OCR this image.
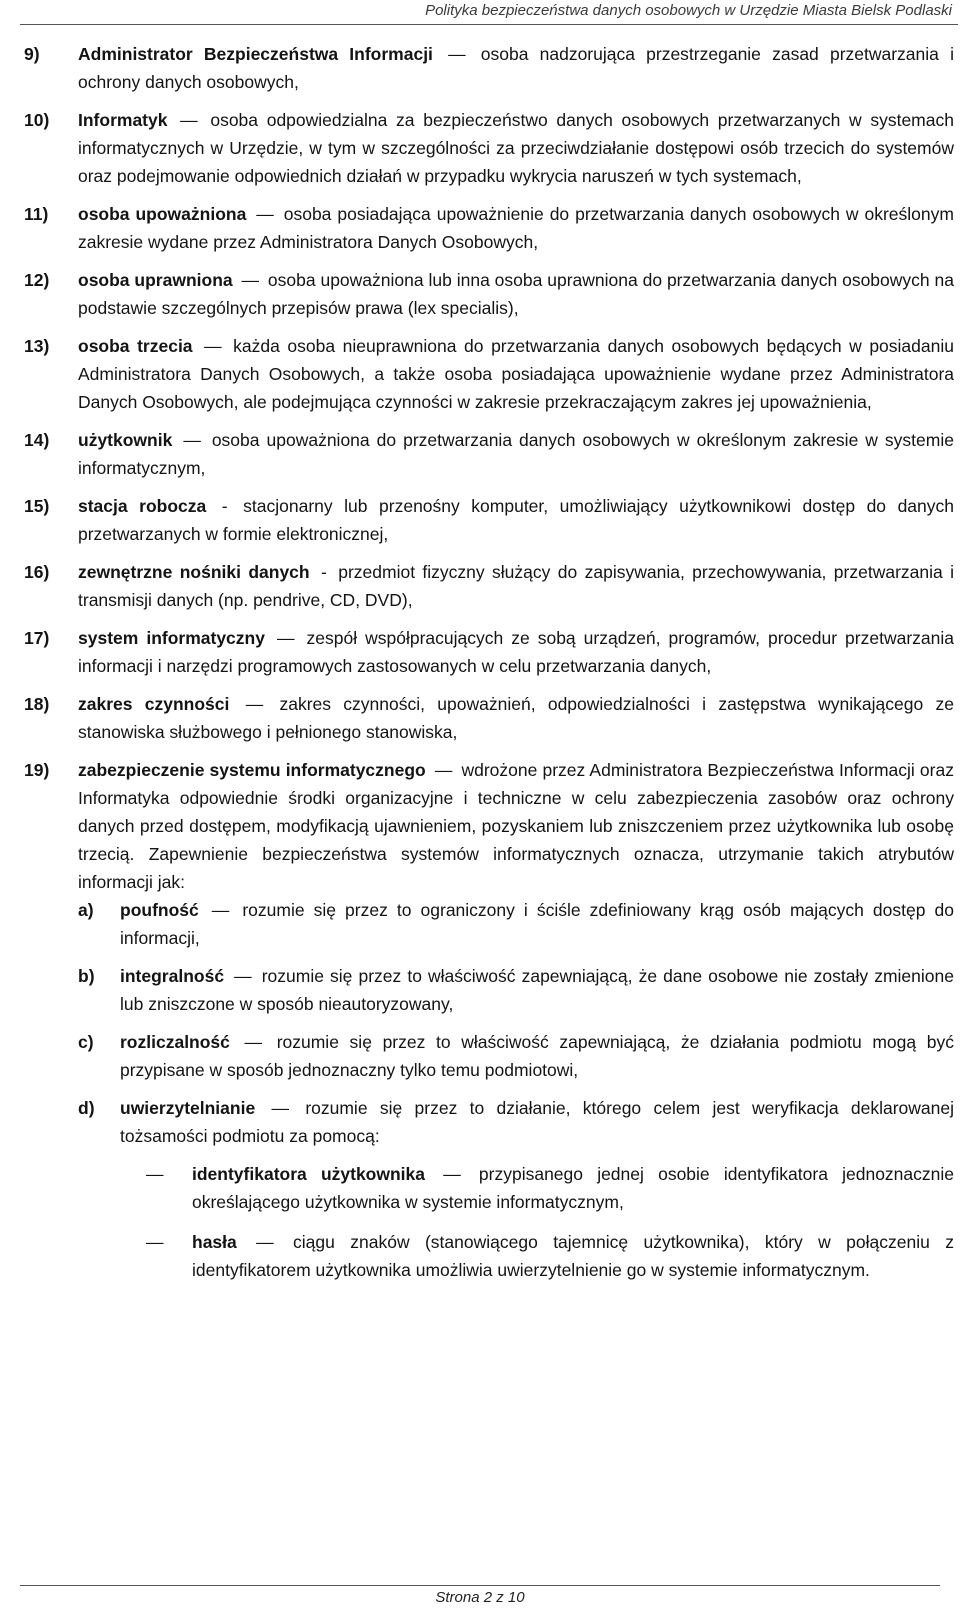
Polityka bezpieczeństwa danych osobowych w Urzędzie Miasta Bielsk Podlaski
9) Administrator Bezpieczeństwa Informacji — osoba nadzorująca przestrzeganie zasad przetwarzania i ochrony danych osobowych,
10) Informatyk — osoba odpowiedzialna za bezpieczeństwo danych osobowych przetwarzanych w systemach informatycznych w Urzędzie, w tym w szczególności za przeciwdziałanie dostępowi osób trzecich do systemów oraz podejmowanie odpowiednich działań w przypadku wykrycia naruszeń w tych systemach,
11) osoba upoważniona — osoba posiadająca upoważnienie do przetwarzania danych osobowych w określonym zakresie wydane przez Administratora Danych Osobowych,
12) osoba uprawniona — osoba upoważniona lub inna osoba uprawniona do przetwarzania danych osobowych na podstawie szczególnych przepisów prawa (lex specialis),
13) osoba trzecia — każda osoba nieuprawniona do przetwarzania danych osobowych będących w posiadaniu Administratora Danych Osobowych, a także osoba posiadająca upoważnienie wydane przez Administratora Danych Osobowych, ale podejmująca czynności w zakresie przekraczającym zakres jej upoważnienia,
14) użytkownik — osoba upoważniona do przetwarzania danych osobowych w określonym zakresie w systemie informatycznym,
15) stacja robocza - stacjonarny lub przenośny komputer, umożliwiający użytkownikowi dostęp do danych przetwarzanych w formie elektronicznej,
16) zewnętrzne nośniki danych - przedmiot fizyczny służący do zapisywania, przechowywania, przetwarzania i transmisji danych (np. pendrive, CD, DVD),
17) system informatyczny — zespół współpracujących ze sobą urządzeń, programów, procedur przetwarzania informacji i narzędzi programowych zastosowanych w celu przetwarzania danych,
18) zakres czynności — zakres czynności, upoważnień, odpowiedzialności i zastępstwa wynikającego ze stanowiska służbowego i pełnionego stanowiska,
19) zabezpieczenie systemu informatycznego — wdrożone przez Administratora Bezpieczeństwa Informacji oraz Informatyka odpowiednie środki organizacyjne i techniczne w celu zabezpieczenia zasobów oraz ochrony danych przed dostępem, modyfikacją ujawnieniem, pozyskaniem lub zniszczeniem przez użytkownika lub osobę trzecią. Zapewnienie bezpieczeństwa systemów informatycznych oznacza, utrzymanie takich atrybutów informacji jak:
a) poufność — rozumie się przez to ograniczony i ściśle zdefiniowany krąg osób mających dostęp do informacji,
b) integralność — rozumie się przez to właściwość zapewniającą, że dane osobowe nie zostały zmienione lub zniszczone w sposób nieautoryzowany,
c) rozliczalność — rozumie się przez to właściwość zapewniającą, że działania podmiotu mogą być przypisane w sposób jednoznaczny tylko temu podmiotowi,
d) uwierzytelnianie — rozumie się przez to działanie, którego celem jest weryfikacja deklarowanej tożsamości podmiotu za pomocą:
— identyfikatora użytkownika — przypisanego jednej osobie identyfikatora jednoznacznie określającego użytkownika w systemie informatycznym,
— hasła — ciągu znaków (stanowiącego tajemnicę użytkownika), który w połączeniu z identyfikatorem użytkownika umożliwia uwierzytelnienie go w systemie informatycznym.
Strona 2 z 10
